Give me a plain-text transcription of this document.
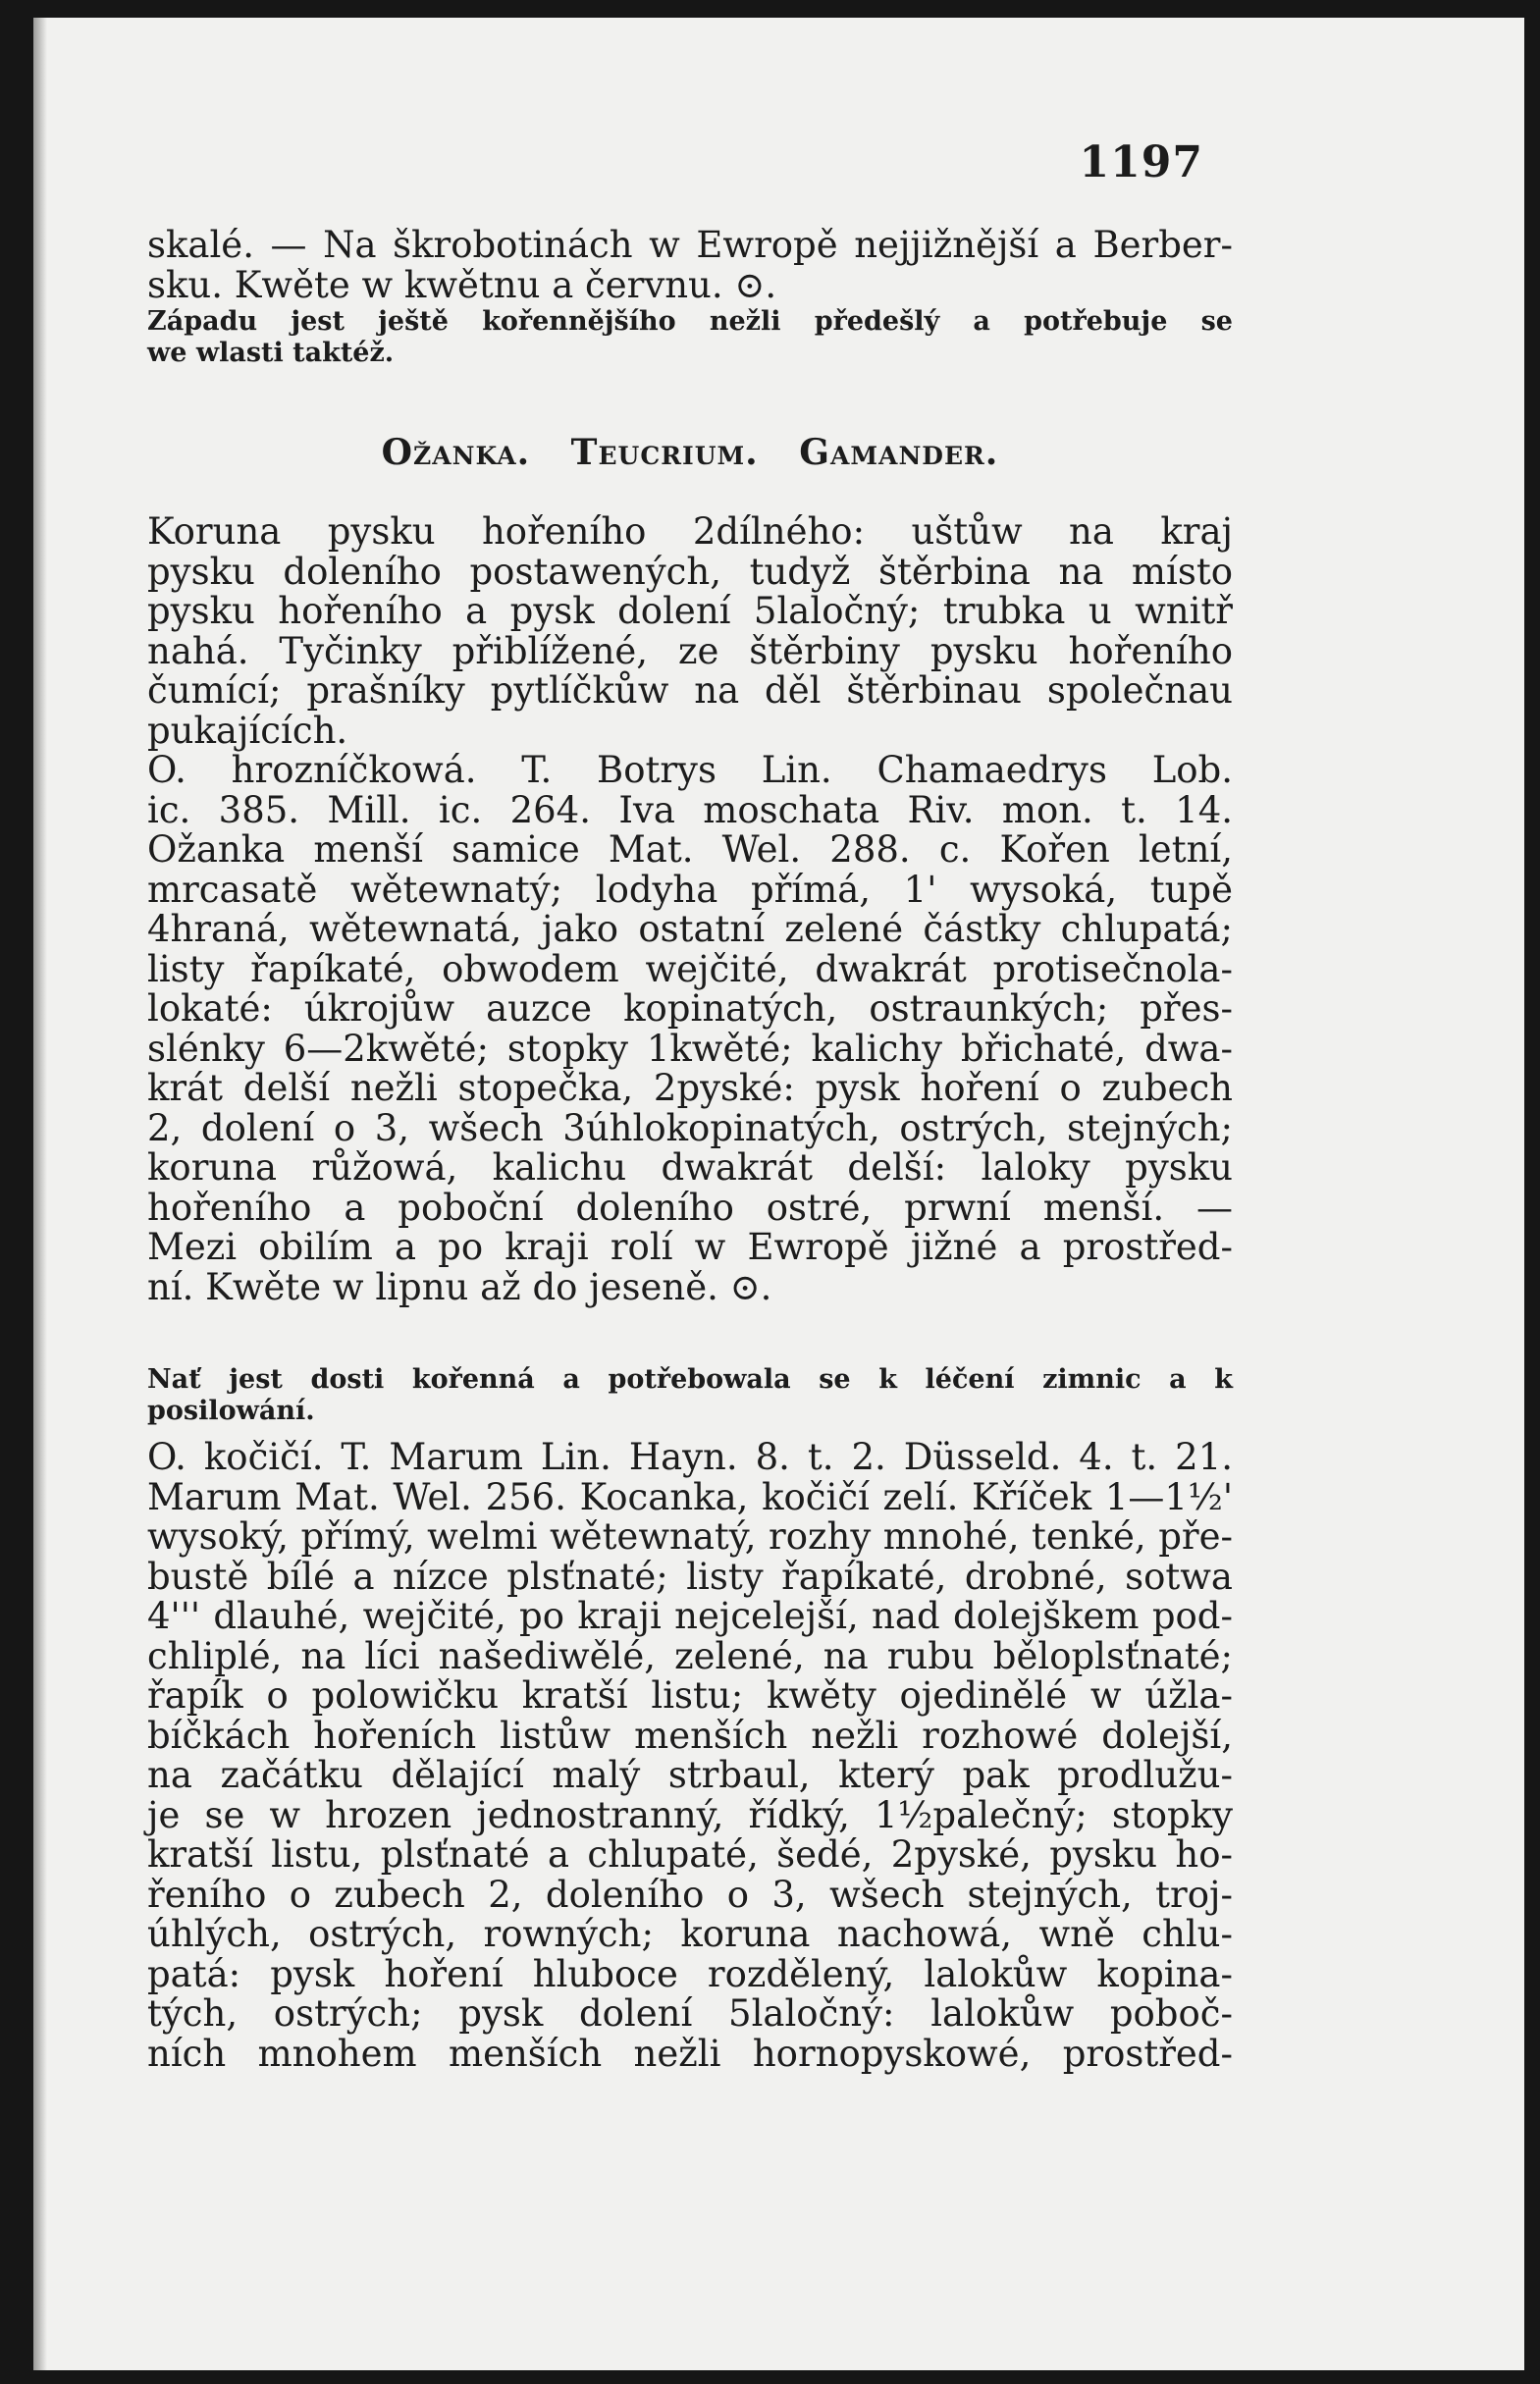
1197
skalé. — Na škrobotinách w Ewropě nejjižnější a Berber-
sku. Kwěte w kwětnu a červnu. ⊙.
Západu jest ještě kořennějšího nežli předešlý a potřebuje se
we wlasti taktéž.
Ožanka. Teucrium. Gamander.
Koruna pysku hořeního 2dílného: uštůw na kraj
pysku doleního postawených, tudyž štěrbina na místo
pysku hořeního a pysk dolení 5laločný; trubka u wnitř
nahá. Tyčinky přiblížené, ze štěrbiny pysku hořeního
čumící; prašníky pytlíčkůw na děl štěrbinau společnau
pukajících.
O. hrozníčkowá. T. Botrys Lin. Chamaedrys Lob.
ic. 385. Mill. ic. 264. Iva moschata Riv. mon. t. 14.
Ožanka menší samice Mat. Wel. 288. c. Kořen letní,
mrcasatě wětewnatý; lodyha přímá, 1' wysoká, tupě
4hraná, wětewnatá, jako ostatní zelené částky chlupatá;
listy řapíkaté, obwodem wejčité, dwakrát protisečnola-
lokaté: úkrojůw auzce kopinatých, ostraunkých; přes-
slénky 6—2kwěté; stopky 1kwěté; kalichy břichaté, dwa-
krát delší nežli stopečka, 2pyské: pysk hoření o zubech
2, dolení o 3, wšech 3úhlokopinatých, ostrých, stejných;
koruna růžowá, kalichu dwakrát delší: laloky pysku
hořeního a poboční doleního ostré, prwní menší. —
Mezi obilím a po kraji rolí w Ewropě jižné a prostřed-
ní. Kwěte w lipnu až do jeseně. ⊙.
Nať jest dosti kořenná a potřebowala se k léčení zimnic a k
posilowání.
O. kočičí. T. Marum Lin. Hayn. 8. t. 2. Düsseld. 4. t. 21.
Marum Mat. Wel. 256. Kocanka, kočičí zelí. Kříček 1—1½'
wysoký, přímý, welmi wětewnatý, rozhy mnohé, tenké, pře-
bustě bílé a nízce plsťnaté; listy řapíkaté, drobné, sotwa
4''' dlauhé, wejčité, po kraji nejcelejší, nad dolejškem pod-
chliplé, na líci našediwělé, zelené, na rubu běloplsťnaté;
řapík o polowičku kratší listu; kwěty ojedinělé w úžla-
bíčkách hořeních listůw menších nežli rozhowé dolejší,
na začátku dělající malý strbaul, který pak prodlužu-
je se w hrozen jednostranný, řídký, 1½palečný; stopky
kratší listu, plsťnaté a chlupaté, šedé, 2pyské, pysku ho-
řeního o zubech 2, doleního o 3, wšech stejných, troj-
úhlých, ostrých, rowných; koruna nachowá, wně chlu-
patá: pysk hoření hluboce rozdělený, lalokůw kopina-
tých, ostrých; pysk dolení 5laločný: lalokůw poboč-
ních mnohem menších nežli hornopyskowé, prostřed-
